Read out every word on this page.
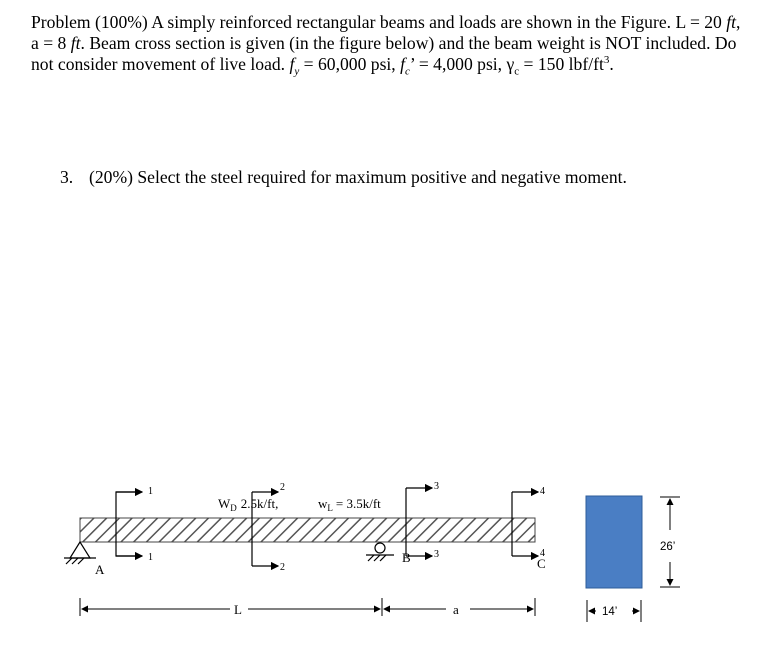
Problem (100%) A simply reinforced rectangular beams and loads are shown in the Figure. L = 20 ft, a = 8 ft. Beam cross section is given (in the figure below) and the beam weight is NOT included. Do not consider movement of live load. $f_y = 60,000$ psi, $f_c$’ = 4,000 psi, $\gamma_c = 150$ lbf/$ft^3$.

3. (20%) Select the steel required for maximum positive and negative moment.

1
1
2
2
3
3
4
4
$W_D$ 2.5k/ft,	$w_L = 3.5k/ft$
A
B	C
L	a	14’
26’
